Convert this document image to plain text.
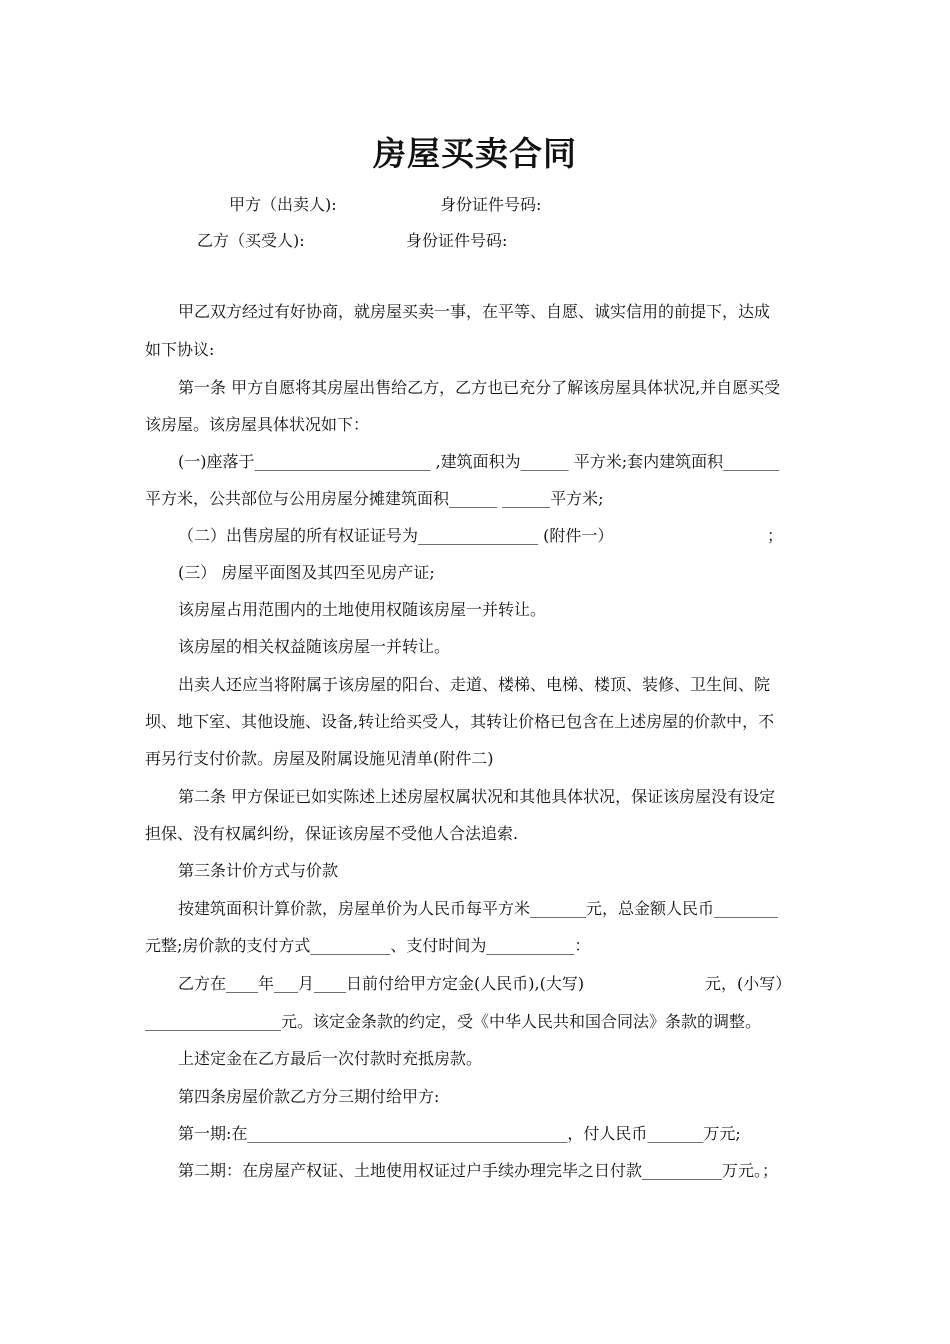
房屋买卖合同
甲方（出卖人):	身份证件号码:
乙方（买受人):	身份证件号码:
甲乙双方经过有好协商，就房屋买卖一事，在平等、自愿、诚实信用的前提下，达成
如下协议:
第一条 甲方自愿将其房屋出售给乙方，乙方也已充分了解该房屋具体状况,并自愿买受
该房屋。该房屋具体状况如下：
(一)座落于______________________ ,建筑面积为______ 平方米;套内建筑面积_______
平方米，公共部位与公用房屋分摊建筑面积______ ______平方米;
（二）出售房屋的所有权证证号为_______________ (附件一）	；
(三） 房屋平面图及其四至见房产证;
该房屋占用范围内的土地使用权随该房屋一并转让。
该房屋的相关权益随该房屋一并转让。
出卖人还应当将附属于该房屋的阳台、走道、楼梯、电梯、楼顶、装修、卫生间、院
坝、地下室、其他设施、设备,转让给买受人，其转让价格已包含在上述房屋的价款中，不
再另行支付价款。房屋及附属设施见清单(附件二)
第二条 甲方保证已如实陈述上述房屋权属状况和其他具体状况，保证该房屋没有设定
担保、没有权属纠纷，保证该房屋不受他人合法追索.
第三条计价方式与价款
按建筑面积计算价款，房屋单价为人民币每平方米_______元，总金额人民币________
元整;房价款的支付方式__________、支付时间为___________：
乙方在____年___月____日前付给甲方定金(人民币),(大写)	元，(小写）
_________________元。该定金条款的约定，受《中华人民共和国合同法》条款的调整。
上述定金在乙方最后一次付款时充抵房款。
第四条房屋价款乙方分三期付给甲方:
第一期:在________________________________________，付人民币_______万元;
第二期：在房屋产权证、土地使用权证过户手续办理完毕之日付款__________万元。；
